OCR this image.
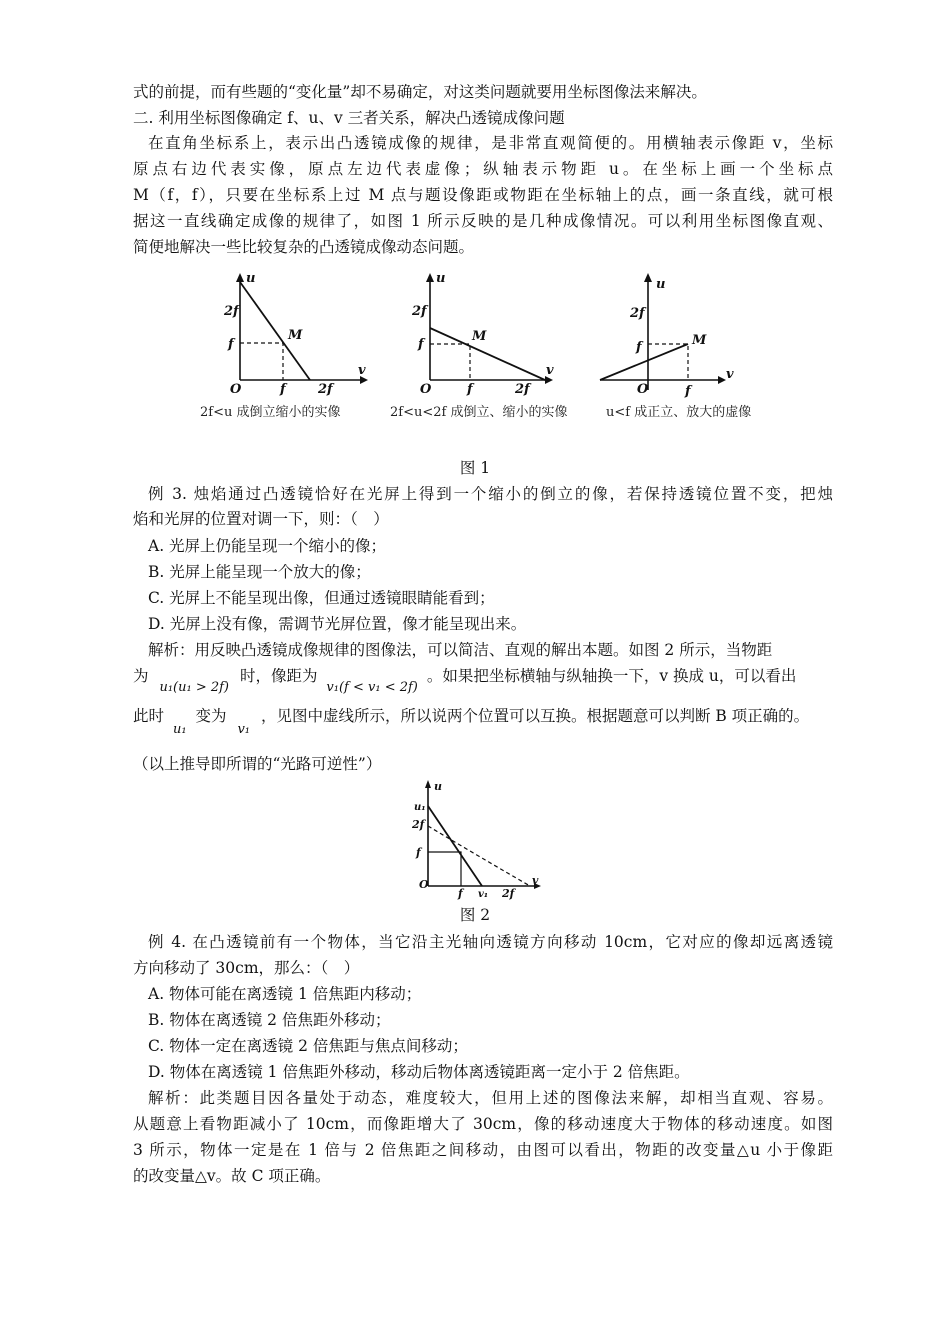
式的前提，而有些题的“变化量”却不易确定，对这类问题就要用坐标图像法来解决。
二. 利用坐标图像确定 f、u、v 三者关系，解决凸透镜成像问题
在直角坐标系上，表示出凸透镜成像的规律，是非常直观简便的。用横轴表示像距 v，坐标
原点右边代表实像，原点左边代表虚像；纵轴表示物距 u。在坐标上画一个坐标点
M（f，f），只要在坐标系上过 M 点与题设像距或物距在坐标轴上的点，画一条直线，就可根
据这一直线确定成像的规律了，如图 1 所示反映的是几种成像情况。可以利用坐标图像直观、
简便地解决一些比较复杂的凸透镜成像动态问题。
u
2f
f
O	f 2f
M
v
2f<u 成倒立缩小的实像
u
2f
f
O	f	2f
M
v
2f<u<2f 成倒立、缩小的实像
u
2f
f
O	f
M
v
u<f 成正立、放大的虚像
图 1
例 3. 烛焰通过凸透镜恰好在光屏上得到一个缩小的倒立的像，若保持透镜位置不变，把烛
焰和光屏的位置对调一下，则：（　）
A. 光屏上仍能呈现一个缩小的像；
B. 光屏上能呈现一个放大的像；
C. 光屏上不能呈现出像，但通过透镜眼睛能看到；
D. 光屏上没有像，需调节光屏位置，像才能呈现出来。
解析：用反映凸透镜成像规律的图像法，可以简洁、直观的解出本题。如图 2 所示，当物距
为 $_{u_1(u_1 > 2f)}$ 时，像距为 $_{v_1(f < v_1 < 2f)}$ 。如果把坐标横轴与纵轴换一下，v 换成 u，可以看出
此时 $_{u_1}$ 变为 $_{v_1}$ ，见图中虚线所示，所以说两个位置可以互换。根据题意可以判断 B 项正确的。
（以上推导即所谓的“光路可逆性”）
u
u₁
2f
f
O
f v₁ 2f
v
图 2
例 4. 在凸透镜前有一个物体，当它沿主光轴向透镜方向移动 10cm，它对应的像却远离透镜
方向移动了 30cm，那么：（　）
A. 物体可能在离透镜 1 倍焦距内移动；
B. 物体在离透镜 2 倍焦距外移动；
C. 物体一定在离透镜 2 倍焦距与焦点间移动；
D. 物体在离透镜 1 倍焦距外移动，移动后物体离透镜距离一定小于 2 倍焦距。
解析：此类题目因各量处于动态，难度较大，但用上述的图像法来解，却相当直观、容易。
从题意上看物距减小了 10cm，而像距增大了 30cm，像的移动速度大于物体的移动速度。如图
3 所示，物体一定是在 1 倍与 2 倍焦距之间移动，由图可以看出，物距的改变量△u 小于像距
的改变量△v。故 C 项正确。
